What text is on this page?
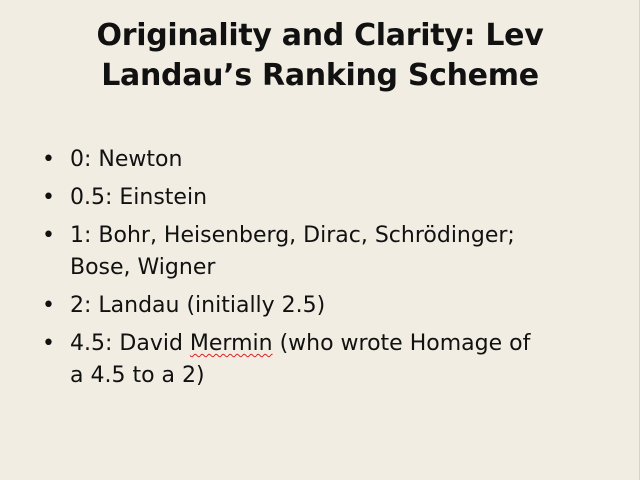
Originality and Clarity: Lev
Landau’s Ranking Scheme
• 0: Newton
• 0.5: Einstein
• 1: Bohr, Heisenberg, Dirac, Schrödinger;
Bose, Wigner
• 2: Landau (initially 2.5)
• 4.5: David Mermin (who wrote Homage of
a 4.5 to a 2)
